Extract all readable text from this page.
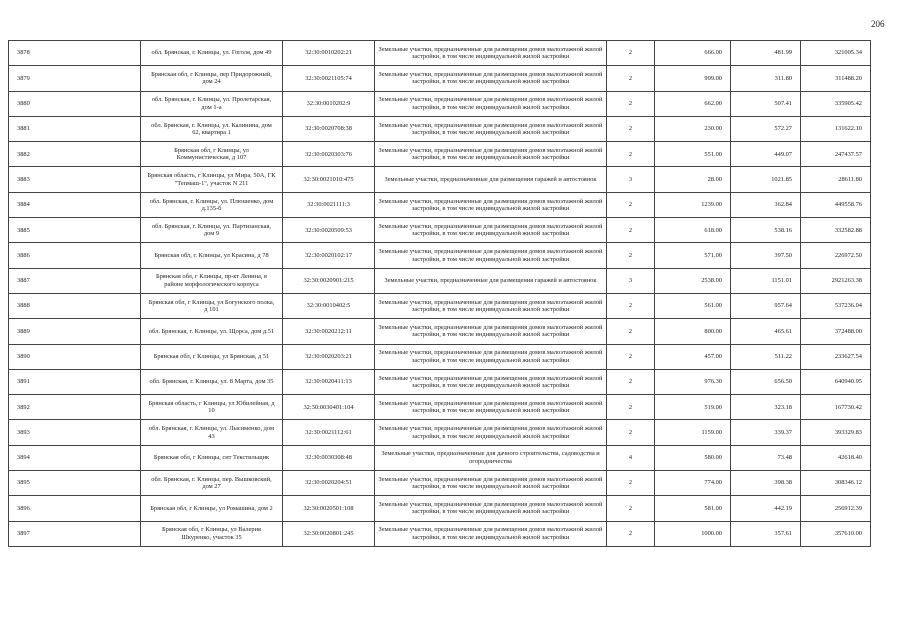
206
3878	обл. Брянская, г. Клинцы, ул. Гоголя, дом 49	32:30:0010202:21	Земельные участки, предназначенные для размещения домов малоэтажной жилой застройки, в том числе индивидуальной жилой застройки	2	666.00	481.99	321005.34
3879	Брянская обл, г Клинцы, пер Придорожный, дом 24	32:30:0021105:74	Земельные участки, предназначенные для размещения домов малоэтажной жилой застройки, в том числе индивидуальной жилой застройки	2	999.00	311.80	311488.20
3880	обл. Брянская, г. Клинцы, ул. Пролетарская, дом 1-а	32:30:0010202:9	Земельные участки, предназначенные для размещения домов малоэтажной жилой застройки, в том числе индивидуальной жилой застройки	2	662.00	507.41	335905.42
3881	обл. Брянская, г. Клинцы, ул. Калинина, дом 62, квартира 1	32:30:0020708:38	Земельные участки, предназначенные для размещения домов малоэтажной жилой застройки, в том числе индивидуальной жилой застройки	2	230.00	572.27	131622.10
3882	Брянская обл, г Клинцы, ул Коммунистическая, д 107	32:30:0020303:76	Земельные участки, предназначенные для размещения домов малоэтажной жилой застройки, в том числе индивидуальной жилой застройки	2	551.00	449.07	247437.57
3883	Брянская область, г Клинцы, ул Мира, 50А, ГК "Тепмаш-1", участок N 211	32:30:0021010:475	Земельные участки, предназначенные для размещения гаражей и автостоянок	3	28.00	1021.85	28611.80
3884	обл. Брянская, г. Клинцы, ул. Плюшенко, дом д.135-б	32:30:0021111:3	Земельные участки, предназначенные для размещения домов малоэтажной жилой застройки, в том числе индивидуальной жилой застройки	2	1239.00	362.84	449558.76
3885	обл. Брянская, г. Клинцы, ул. Партизанская, дом 9	32:30:0020509:53	Земельные участки, предназначенные для размещения домов малоэтажной жилой застройки, в том числе индивидуальной жилой застройки	2	618.00	538.16	332582.88
3886	Брянская обл, г. Клинцы, ул Красина, д 78	32:30:0020102:17	Земельные участки, предназначенные для размещения домов малоэтажной жилой застройки, в том числе индивидуальной жилой застройки	2	571.00	397.50	226972.50
3887	Брянская обл, г Клинцы, пр-кт Ленина, в районе морфологического корпуса	32:30:0020901:215	Земельные участки, предназначенные для размещения гаражей и автостоянок	3	2538.00	1151.01	2921263.38
3888	Брянская обл, г Клинцы, ул Богунского полка, д 101	32:30:0010402:5	Земельные участки, предназначенные для размещения домов малоэтажной жилой застройки, в том числе индивидуальной жилой застройки	2	561.00	957.64	537236.04
3889	обл. Брянская, г. Клинцы, ул. Щорса, дом д.51	32:30:0020212:11	Земельные участки, предназначенные для размещения домов малоэтажной жилой застройки, в том числе индивидуальной жилой застройки	2	800.00	465.61	372488.00
3890	Брянская обл, г Клинцы, ул Брянская, д 51	32:30:0020203:21	Земельные участки, предназначенные для размещения домов малоэтажной жилой застройки, в том числе индивидуальной жилой застройки	2	457.00	511.22	233627.54
3891	обл. Брянская, г. Клинцы, ул. 8 Марта, дом 35	32:30:0020411:13	Земельные участки, предназначенные для размещения домов малоэтажной жилой застройки, в том числе индивидуальной жилой застройки	2	976.30	656.50	640940.95
3892	Брянская область, г Клинцы, ул Юбилейная, д 10	32:30:0030401:104	Земельные участки, предназначенные для размещения домов малоэтажной жилой застройки, в том числе индивидуальной жилой застройки	2	519.00	323.18	167730.42
3893	обл. Брянская, г. Клинцы, ул. Лысименко, дом 43	32:30:0021112:61	Земельные участки, предназначенные для размещения домов малоэтажной жилой застройки, в том числе индивидуальной жилой застройки	2	1159.00	339.37	393329.83
3894	Брянская обл, г Клинцы, снт Текстильщик	32:30:0030308:48	Земельные участки, предназначенные для дачного строительства, садоводства и огородничества	4	580.00	73.48	42618.40
3895	обл. Брянская, г. Клинцы, пер. Вышковский, дом 27	32:30:0020204:51	Земельные участки, предназначенные для размещения домов малоэтажной жилой застройки, в том числе индивидуальной жилой застройки	2	774.00	398.38	308346.12
3896	Брянская обл, г Клинцы, ул Ромашина, дом 2	32:30:0020501:108	Земельные участки, предназначенные для размещения домов малоэтажной жилой застройки, в том числе индивидуальной жилой застройки	2	581.00	442.19	256912.39
3897	Брянская обл, г Клинцы, ул Валерия Шкуренко, участок 35	32:30:0020801:245	Земельные участки, предназначенные для размещения домов малоэтажной жилой застройки, в том числе индивидуальной жилой застройки	2	1000.00	357.61	357610.00
